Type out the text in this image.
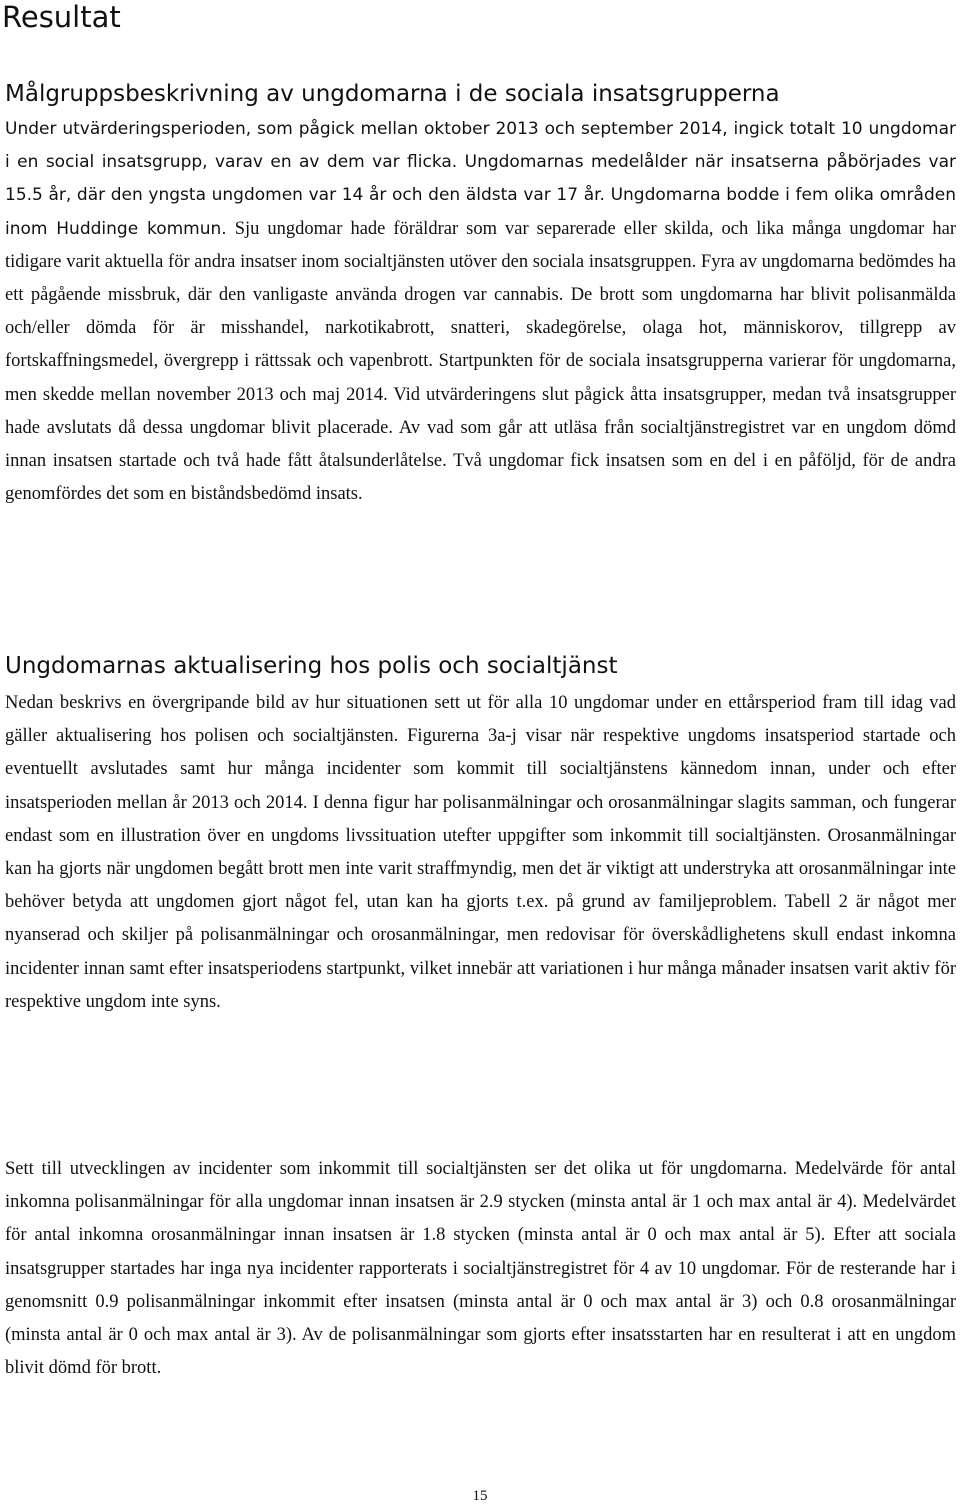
Resultat
Målgruppsbeskrivning av ungdomarna i de sociala insatsgrupperna

Under utvärderingsperioden, som pågick mellan oktober 2013 och september 2014, ingick totalt 10 ungdomar i en social insatsgrupp, varav en av dem var flicka. Ungdomarnas medelålder när insatserna påbörjades var 15.5 år, där den yngsta ungdomen var 14 år och den äldsta var 17 år. Ungdomarna bodde i fem olika områden inom Huddinge kommun. Sju ungdomar hade föräldrar som var separerade eller skilda, och lika många ungdomar har tidigare varit aktuella för andra insatser inom socialtjänsten utöver den sociala insatsgruppen. Fyra av ungdomarna bedömdes ha ett pågående missbruk, där den vanligaste använda drogen var cannabis. De brott som ungdomarna har blivit polisanmälda och/eller dömda för är misshandel, narkotikabrott, snatteri, skadegörelse, olaga hot, människorov, tillgrepp av fortskaffningsmedel, övergrepp i rättssak och vapenbrott. Startpunkten för de sociala insatsgrupperna varierar för ungdomarna, men skedde mellan november 2013 och maj 2014. Vid utvärderingens slut pågick åtta insatsgrupper, medan två insatsgrupper hade avslutats då dessa ungdomar blivit placerade. Av vad som går att utläsa från socialtjänstregistret var en ungdom dömd innan insatsen startade och två hade fått åtalsunderlåtelse. Två ungdomar fick insatsen som en del i en påföljd, för de andra genomfördes det som en biståndsbedömd insats.

Ungdomarnas aktualisering hos polis och socialtjänst

Nedan beskrivs en övergripande bild av hur situationen sett ut för alla 10 ungdomar under en ettårsperiod fram till idag vad gäller aktualisering hos polisen och socialtjänsten. Figurerna 3a-j visar när respektive ungdoms insatsperiod startade och eventuellt avslutades samt hur många incidenter som kommit till socialtjänstens kännedom innan, under och efter insatsperioden mellan år 2013 och 2014. I denna figur har polisanmälningar och orosanmälningar slagits samman, och fungerar endast som en illustration över en ungdoms livssituation utefter uppgifter som inkommit till socialtjänsten. Orosanmälningar kan ha gjorts när ungdomen begått brott men inte varit straffmyndig, men det är viktigt att understryka att orosanmälningar inte behöver betyda att ungdomen gjort något fel, utan kan ha gjorts t.ex. på grund av familjeproblem. Tabell 2 är något mer nyanserad och skiljer på polisanmälningar och orosanmälningar, men redovisar för överskådlighetens skull endast inkomna incidenter innan samt efter insatsperiodens startpunkt, vilket innebär att variationen i hur många månader insatsen varit aktiv för respektive ungdom inte syns.

Sett till utvecklingen av incidenter som inkommit till socialtjänsten ser det olika ut för ungdomarna. Medelvärde för antal inkomna polisanmälningar för alla ungdomar innan insatsen är 2.9 stycken (minsta antal är 1 och max antal är 4). Medelvärdet för antal inkomna orosanmälningar innan insatsen är 1.8 stycken (minsta antal är 0 och max antal är 5). Efter att sociala insatsgrupper startades har inga nya incidenter rapporterats i socialtjänstregistret för 4 av 10 ungdomar. För de resterande har i genomsnitt 0.9 polisanmälningar inkommit efter insatsen (minsta antal är 0 och max antal är 3) och 0.8 orosanmälningar (minsta antal är 0 och max antal är 3). Av de polisanmälningar som gjorts efter insatsstarten har en resulterat i att en ungdom blivit dömd för brott.

15
